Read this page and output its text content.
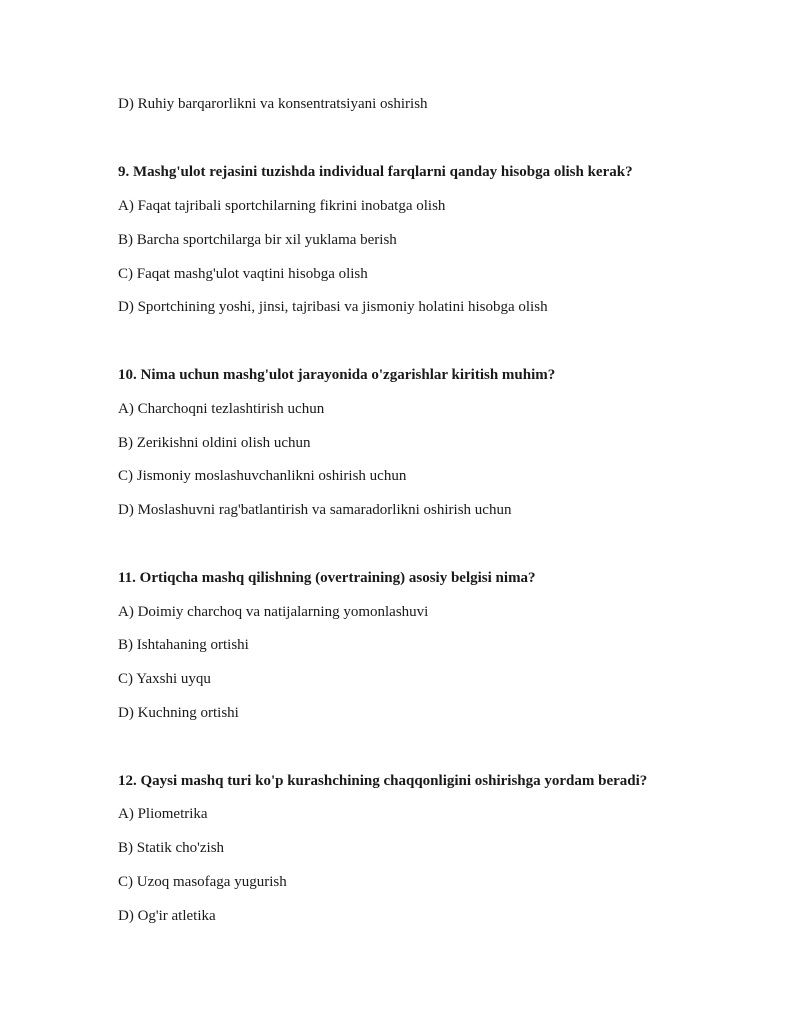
D) Ruhiy barqarorlikni va konsentratsiyani oshirish
9. Mashg'ulot rejasini tuzishda individual farqlarni qanday hisobga olish kerak?
A) Faqat tajribali sportchilarning fikrini inobatga olish
B) Barcha sportchilarga bir xil yuklama berish
C) Faqat mashg'ulot vaqtini hisobga olish
D) Sportchining yoshi, jinsi, tajribasi va jismoniy holatini hisobga olish
10. Nima uchun mashg'ulot jarayonida o'zgarishlar kiritish muhim?
A) Charchoqni tezlashtirish uchun
B) Zerikishni oldini olish uchun
C) Jismoniy moslashuvchanlikni oshirish uchun
D) Moslashuvni rag'batlantirish va samaradorlikni oshirish uchun
11. Ortiqcha mashq qilishning (overtraining) asosiy belgisi nima?
A) Doimiy charchoq va natijalarning yomonlashuvi
B) Ishtahaning ortishi
C) Yaxshi uyqu
D) Kuchning ortishi
12. Qaysi mashq turi ko'p kurashchining chaqqonligini oshirishga yordam beradi?
A) Pliometrika
B) Statik cho'zish
C) Uzoq masofaga yugurish
D) Og'ir atletika
